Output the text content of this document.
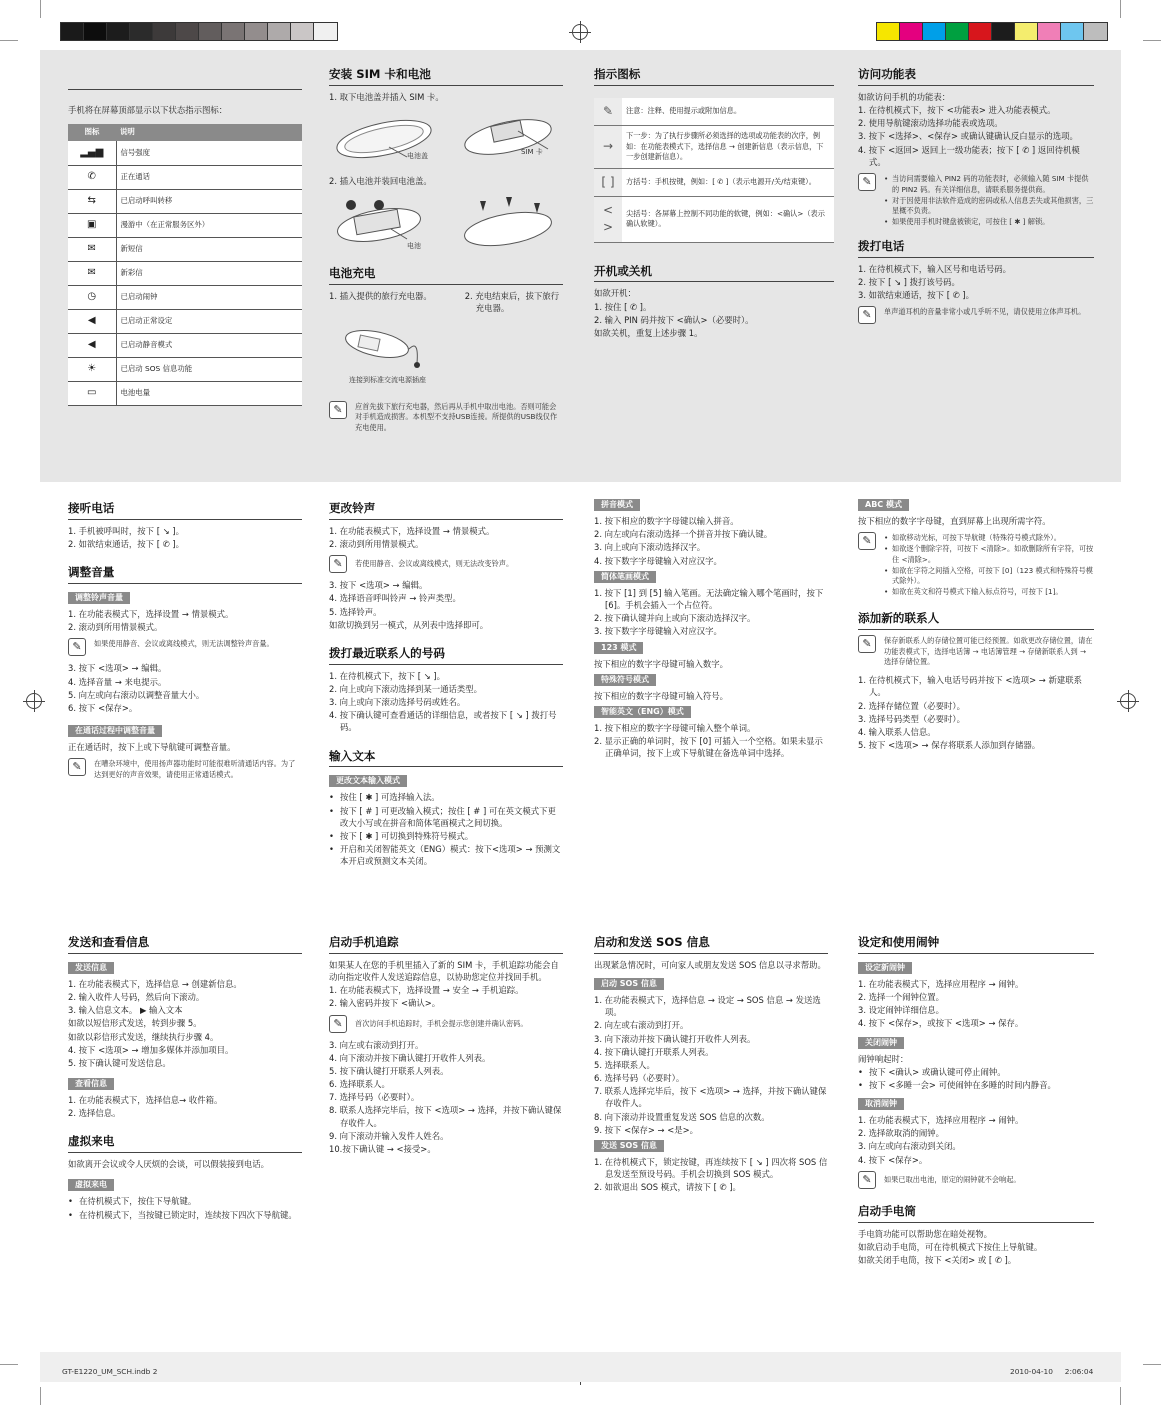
手机将在屏幕顶部显示以下状态指示图标：
图标	说明
▂▄▆	信号强度
✆	正在通话
⇆	已启动呼叫转移
▣	漫游中（在正常服务区外）
✉	新短信
✉	新彩信
◷	已启动闹钟
◀	已启动正常设定
◀	已启动静音模式
☀	已启动 SOS 信息功能
▭	电池电量
安装 SIM 卡和电池
1. 取下电池盖并插入 SIM 卡。
电池盖	SIM 卡
2. 插入电池并装回电池盖。
电池
电池充电
1. 插入提供的旅行充电器。	2. 充电结束后，拔下旅行充电器。
连接到标准交流电源插座
✎	应首先拔下旅行充电器，然后再从手机中取出电池。否则可能会对手机造成损害。本机型不支持USB连接。所提供的USB线仅作充电使用。
指示图标
✎	注意：注释、使用提示或附加信息。
→	下一步：为了执行步骤所必须选择的选项或功能表的次序，例如：在功能表模式下，选择信息 → 创建新信息（表示信息，下一步创建新信息）。
[ ]	方括号：手机按键，例如：[ ✆ ]（表示电源开/关/结束键）。
< >	尖括号：各屏幕上控制不同功能的软键，例如：<确认>（表示确认软键）。
开机或关机
如欲开机：
1. 按住 [ ✆ ]。
2. 输入 PIN 码并按下 <确认>（必要时）。
如欲关机，重复上述步骤 1。
访问功能表
如欲访问手机的功能表：
1. 在待机模式下，按下 <功能表> 进入功能表模式。
2. 使用导航键滚动选择功能表或选项。
3. 按下 <选择>、<保存> 或确认键确认反白显示的选项。
4. 按下 <返回> 返回上一级功能表；按下 [ ✆ ] 返回待机模式。
✎	• 当访问需要输入 PIN2 码的功能表时，必须输入随 SIM 卡提供的 PIN2 码。有关详细信息，请联系服务提供商。
• 对于因使用非法软件造成的密码或私人信息丢失或其他损害，三星概不负责。
• 如果使用手机时键盘被锁定，可按住 [ ✱ ] 解锁。
拨打电话
1. 在待机模式下，输入区号和电话号码。
2. 按下 [ ↘ ] 拨打该号码。
3. 如欲结束通话，按下 [ ✆ ]。
✎	单声道耳机的音量非常小或几乎听不见，请仅使用立体声耳机。
接听电话
1. 手机被呼叫时，按下 [ ↘ ]。
2. 如欲结束通话，按下 [ ✆ ]。
调整音量
调整铃声音量
1. 在功能表模式下，选择设置 → 情景模式。
2. 滚动到所用情景模式。
✎	如果使用静音、会议或离线模式，则无法调整铃声音量。
3. 按下 <选项> → 编辑。
4. 选择音量 → 来电提示。
5. 向左或向右滚动以调整音量大小。
6. 按下 <保存>。
在通话过程中调整音量
正在通话时，按下上或下导航键可调整音量。
✎	在嘈杂环境中，使用扬声器功能时可能很难听清通话内容。为了达到更好的声音效果，请使用正常通话模式。
更改铃声
1. 在功能表模式下，选择设置 → 情景模式。
2. 滚动到所用情景模式。
✎	若使用静音、会议或离线模式，则无法改变铃声。
3. 按下 <选项> → 编辑。
4. 选择语音呼叫铃声 → 铃声类型。
5. 选择铃声。
如欲切换到另一模式，从列表中选择即可。
拨打最近联系人的号码
1. 在待机模式下，按下 [ ↘ ]。
2. 向上或向下滚动选择到某一通话类型。
3. 向上或向下滚动选择号码或姓名。
4. 按下确认键可查看通话的详细信息，或者按下 [ ↘ ] 拨打号码。
输入文本
更改文本输入模式
• 按住 [ ✱ ] 可选择输入法。
• 按下 [ # ] 可更改输入模式；按住 [ # ] 可在英文模式下更改大小写或在拼音和简体笔画模式之间切换。
• 按下 [ ✱ ] 可切换到特殊符号模式。
• 开启和关闭智能英文（ENG）模式：按下<选项> → 预测文本开启或预测文本关闭。
拼音模式
1. 按下相应的数字字母键以输入拼音。
2. 向左或向右滚动选择一个拼音并按下确认键。
3. 向上或向下滚动选择汉字。
4. 按下数字字母键输入对应汉字。
简体笔画模式
1. 按下 [1] 到 [5] 输入笔画。无法确定输入哪个笔画时，按下 [6]。手机会插入一个占位符。
2. 按下确认键并向上或向下滚动选择汉字。
3. 按下数字字母键输入对应汉字。
123 模式
按下相应的数字字母键可输入数字。
特殊符号模式
按下相应的数字字母键可输入符号。
智能英文（ENG）模式
1. 按下相应的数字字母键可输入整个单词。
2. 显示正确的单词时，按下 [0] 可插入一个空格。如果未显示正确单词，按下上或下导航键在备选单词中选择。
ABC 模式
按下相应的数字字母键，直到屏幕上出现所需字符。
✎	• 如欲移动光标，可按下导航键（特殊符号模式除外）。
• 如欲逐个删除字符，可按下 <清除>。如欲删除所有字符，可按住 <清除>。
• 如欲在字符之间插入空格，可按下 [0]（123 模式和特殊符号模式除外）。
• 如欲在英文和符号模式下输入标点符号，可按下 [1]。
添加新的联系人
✎	保存新联系人的存储位置可能已经预置。如欲更改存储位置，请在功能表模式下，选择电话簿 → 电话簿管理 → 存储新联系人到 → 选择存储位置。
1. 在待机模式下，输入电话号码并按下 <选项> → 新建联系人。
2. 选择存储位置（必要时）。
3. 选择号码类型（必要时）。
4. 输入联系人信息。
5. 按下 <选项> → 保存将联系人添加到存储器。
发送和查看信息
发送信息
1. 在功能表模式下，选择信息 → 创建新信息。
2. 输入收件人号码，然后向下滚动。
3. 输入信息文本。 ▶ 输入文本
如欲以短信形式发送，转到步骤 5。
如欲以彩信形式发送，继续执行步骤 4。
4. 按下 <选项> → 增加多媒体并添加项目。
5. 按下确认键可发送信息。
查看信息
1. 在功能表模式下，选择信息→ 收件箱。
2. 选择信息。
虚拟来电
如欲离开会议或令人厌烦的会谈，可以假装接到电话。
虚拟来电
• 在待机模式下，按住下导航键。
• 在待机模式下，当按键已锁定时，连续按下四次下导航键。
启动手机追踪
如果某人在您的手机里插入了新的 SIM 卡，手机追踪功能会自动向指定收件人发送追踪信息，以协助您定位并找回手机。
1. 在功能表模式下，选择设置 → 安全 → 手机追踪。
2. 输入密码并按下 <确认>。
✎	首次访问手机追踪时，手机会提示您创建并确认密码。
3. 向左或右滚动到打开。
4. 向下滚动并按下确认键打开收件人列表。
5. 按下确认键打开联系人列表。
6. 选择联系人。
7. 选择号码（必要时）。
8. 联系人选择完毕后，按下 <选项> → 选择，并按下确认键保存收件人。
9. 向下滚动并输入发件人姓名。
10.按下确认键 → <接受>。
启动和发送 SOS 信息
出现紧急情况时，可向家人或朋友发送 SOS 信息以寻求帮助。
启动 SOS 信息
1. 在功能表模式下，选择信息 → 设定 → SOS 信息 → 发送选项。
2. 向左或右滚动到打开。
3. 向下滚动并按下确认键打开收件人列表。
4. 按下确认键打开联系人列表。
5. 选择联系人。
6. 选择号码（必要时）。
7. 联系人选择完毕后，按下 <选项> → 选择，并按下确认键保存收件人。
8. 向下滚动并设置重复发送 SOS 信息的次数。
9. 按下 <保存> → <是>。
发送 SOS 信息
1. 在待机模式下，锁定按键，再连续按下 [ ↘ ] 四次将 SOS 信息发送至预设号码。手机会切换到 SOS 模式。
2. 如欲退出 SOS 模式，请按下 [ ✆ ]。
设定和使用闹钟
设定新闹钟
1. 在功能表模式下，选择应用程序 → 闹钟。
2. 选择一个闹钟位置。
3. 设定闹钟详细信息。
4. 按下 <保存>，或按下 <选项> → 保存。
关闭闹钟
闹钟响起时：
• 按下 <确认> 或确认键可停止闹钟。
• 按下 <多睡一会> 可使闹钟在多睡的时间内静音。
取消闹钟
1. 在功能表模式下，选择应用程序 → 闹钟。
2. 选择欲取消的闹钟。
3. 向左或向右滚动到关闭。
4. 按下 <保存>。
✎	如果已取出电池，原定的闹钟就不会响起。
启动手电筒
手电筒功能可以帮助您在暗处视物。
如欲启动手电筒，可在待机模式下按住上导航键。
如欲关闭手电筒，按下 <关闭> 或 [ ✆ ]。
GT-E1220_UM_SCH.indb 2	2010-04-10 ㅤ 2:06:04
